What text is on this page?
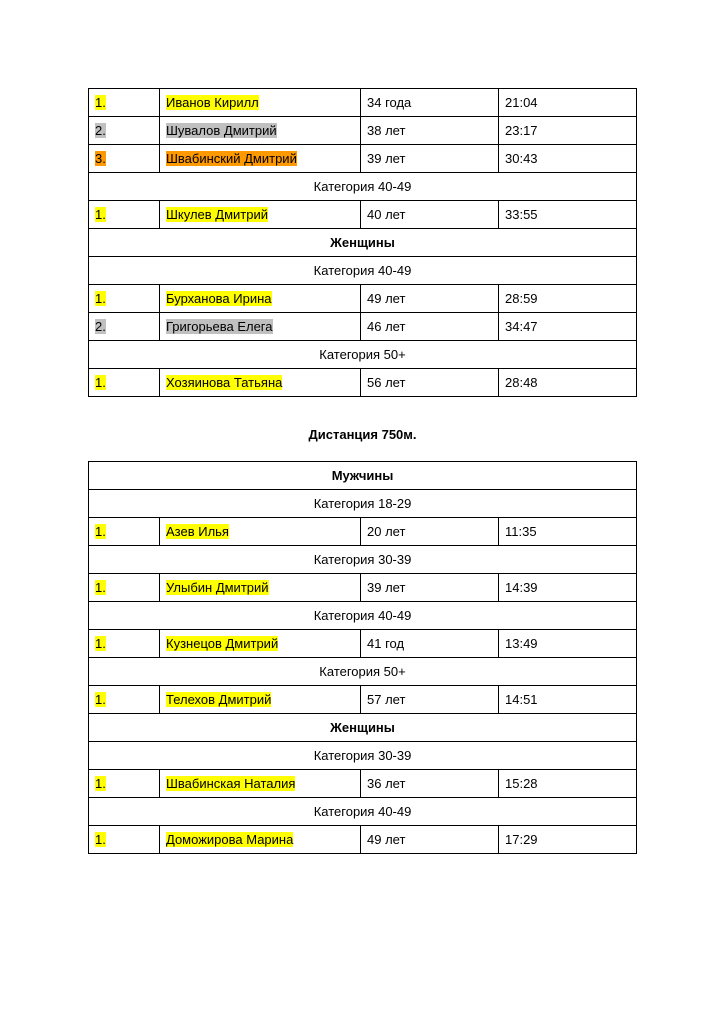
1.	Иванов Кирилл	34 года	21:04
2.	Шувалов Дмитрий	38 лет	23:17
3.	Швабинский Дмитрий	39 лет	30:43
Категория 40-49			
1.	Шкулев Дмитрий	40 лет	33:55
Женщины			
Категория 40-49			
1.	Бурханова Ирина	49 лет	28:59
2.	Григорьева Елега	46 лет	34:47
Категория 50+			
1.	Хозяинова Татьяна	56 лет	28:48
Дистанция 750м.
Мужчины			
Категория 18-29			
1.	Азев Илья	20 лет	11:35
Категория 30-39			
1.	Улыбин Дмитрий	39 лет	14:39
Категория 40-49			
1.	Кузнецов Дмитрий	41 год	13:49
Категория 50+			
1.	Телехов Дмитрий	57 лет	14:51
Женщины			
Категория 30-39			
1.	Швабинская Наталия	36 лет	15:28
Категория 40-49			
1.	Доможирова Марина	49 лет	17:29
